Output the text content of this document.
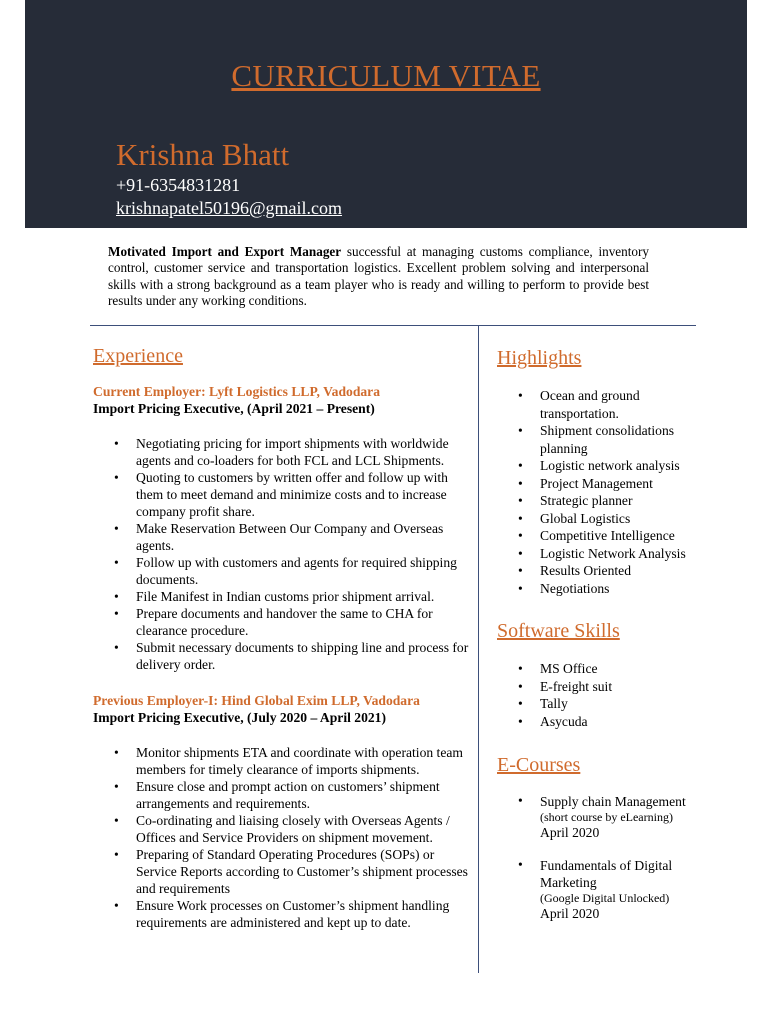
CURRICULUM VITAE
Krishna Bhatt
+91-6354831281
krishnapatel50196@gmail.com
Motivated Import and Export Manager successful at managing customs compliance, inventory control, customer service and transportation logistics. Excellent problem solving and interpersonal skills with a strong background as a team player who is ready and willing to perform to provide best results under any working conditions.
Experience
Current Employer: Lyft Logistics LLP, Vadodara
Import Pricing Executive, (April 2021 – Present)
• Negotiating pricing for import shipments with worldwide agents and co-loaders for both FCL and LCL Shipments.
• Quoting to customers by written offer and follow up with them to meet demand and minimize costs and to increase company profit share.
• Make Reservation Between Our Company and Overseas agents.
• Follow up with customers and agents for required shipping documents.
• File Manifest in Indian customs prior shipment arrival.
• Prepare documents and handover the same to CHA for clearance procedure.
• Submit necessary documents to shipping line and process for delivery order.
Previous Employer-I: Hind Global Exim LLP, Vadodara
Import Pricing Executive, (July 2020 – April 2021)
• Monitor shipments ETA and coordinate with operation team members for timely clearance of imports shipments.
• Ensure close and prompt action on customers’ shipment arrangements and requirements.
• Co-ordinating and liaising closely with Overseas Agents / Offices and Service Providers on shipment movement.
• Preparing of Standard Operating Procedures (SOPs) or Service Reports according to Customer’s shipment processes and requirements
• Ensure Work processes on Customer’s shipment handling requirements are administered and kept up to date.
Highlights
• Ocean and ground transportation.
• Shipment consolidations planning
• Logistic network analysis
• Project Management
• Strategic planner
• Global Logistics
• Competitive Intelligence
• Logistic Network Analysis
• Results Oriented
• Negotiations
Software Skills
• MS Office
• E-freight suit
• Tally
• Asycuda
E-Courses
• Supply chain Management
(short course by eLearning)
April 2020
• Fundamentals of Digital Marketing
(Google Digital Unlocked)
April 2020
